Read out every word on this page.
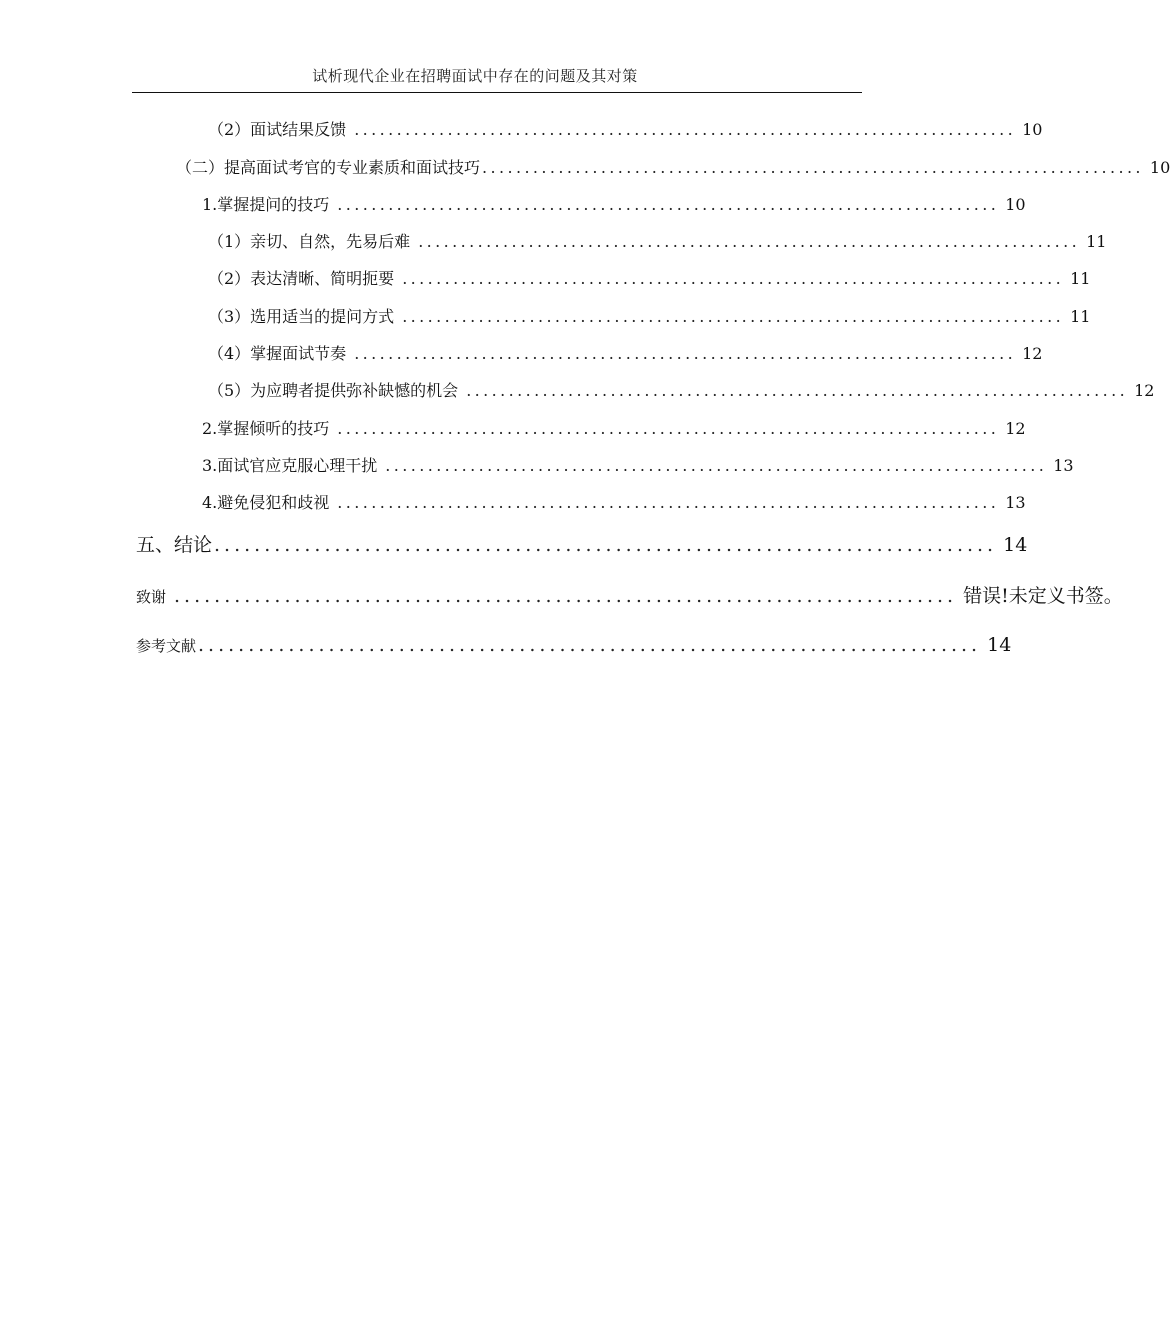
试析现代企业在招聘面试中存在的问题及其对策
（2）面试结果反馈 .............................................................................. 10
（二）提高面试考官的专业素质和面试技巧 .............................................................................. 10
1.掌握提问的技巧 .............................................................................. 10
（1）亲切、自然，先易后难 .............................................................................. 11
（2）表达清晰、简明扼要 .............................................................................. 11
（3）选用适当的提问方式 .............................................................................. 11
（4）掌握面试节奏 .............................................................................. 12
（5）为应聘者提供弥补缺憾的机会 .............................................................................. 12
2.掌握倾听的技巧 .............................................................................. 12
3.面试官应克服心理干扰 .............................................................................. 13
4.避免侵犯和歧视 .............................................................................. 13
五、结论 .............................................................................. 14
致谢 .............................................................................. 错误!未定义书签。
参考文献 .............................................................................. 14
